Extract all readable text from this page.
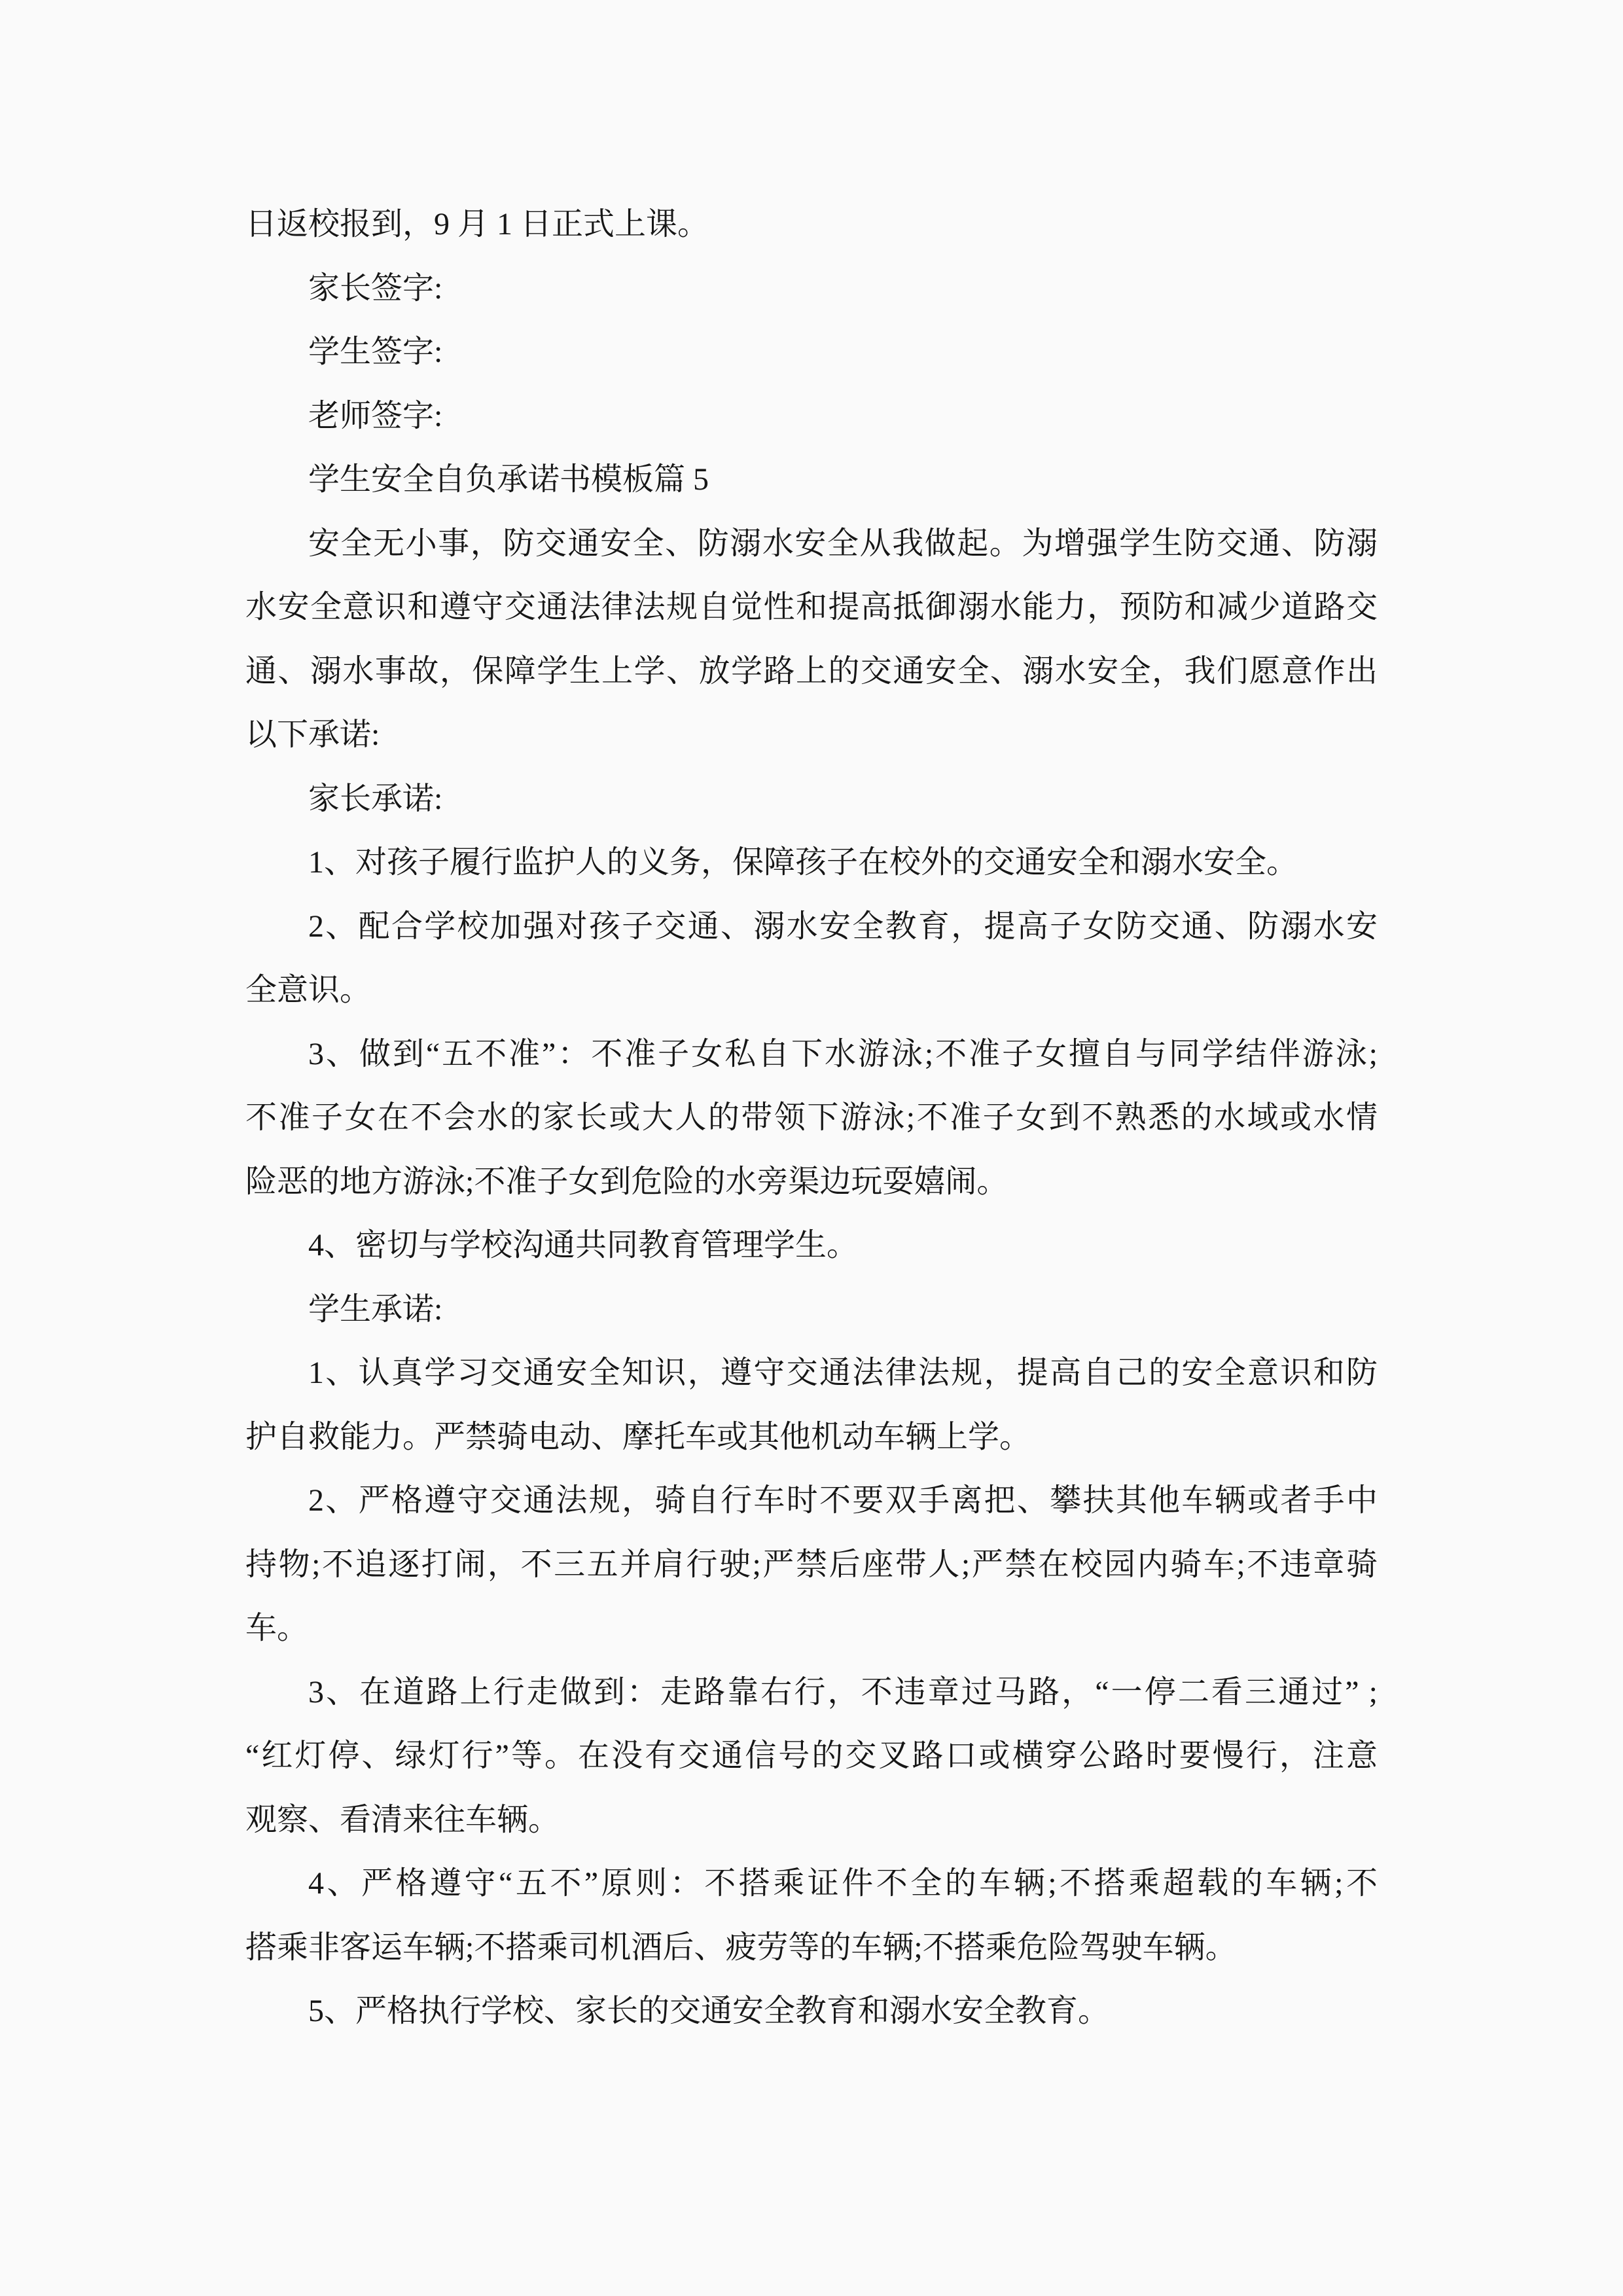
日返校报到，9 月 1 日正式上课。
家长签字:
学生签字:
老师签字:
学生安全自负承诺书模板篇 5
安全无小事，防交通安全、防溺水安全从我做起。为增强学生防交通、防溺
水安全意识和遵守交通法律法规自觉性和提高抵御溺水能力，预防和减少道路交
通、溺水事故，保障学生上学、放学路上的交通安全、溺水安全，我们愿意作出
以下承诺:
家长承诺:
1、对孩子履行监护人的义务，保障孩子在校外的交通安全和溺水安全。
2、配合学校加强对孩子交通、溺水安全教育，提高子女防交通、防溺水安
全意识。
3、做到“五不准”：不准子女私自下水游泳;不准子女擅自与同学结伴游泳;
不准子女在不会水的家长或大人的带领下游泳;不准子女到不熟悉的水域或水情
险恶的地方游泳;不准子女到危险的水旁渠边玩耍嬉闹。
4、密切与学校沟通共同教育管理学生。
学生承诺:
1、认真学习交通安全知识，遵守交通法律法规，提高自己的安全意识和防
护自救能力。严禁骑电动、摩托车或其他机动车辆上学。
2、严格遵守交通法规，骑自行车时不要双手离把、攀扶其他车辆或者手中
持物;不追逐打闹，不三五并肩行驶;严禁后座带人;严禁在校园内骑车;不违章骑
车。
3、在道路上行走做到：走路靠右行，不违章过马路，“一停二看三通过” ;
“红灯停、绿灯行”等。在没有交通信号的交叉路口或横穿公路时要慢行，注意
观察、看清来往车辆。
4、严格遵守“五不”原则：不搭乘证件不全的车辆;不搭乘超载的车辆;不
搭乘非客运车辆;不搭乘司机酒后、疲劳等的车辆;不搭乘危险驾驶车辆。
5、严格执行学校、家长的交通安全教育和溺水安全教育。
